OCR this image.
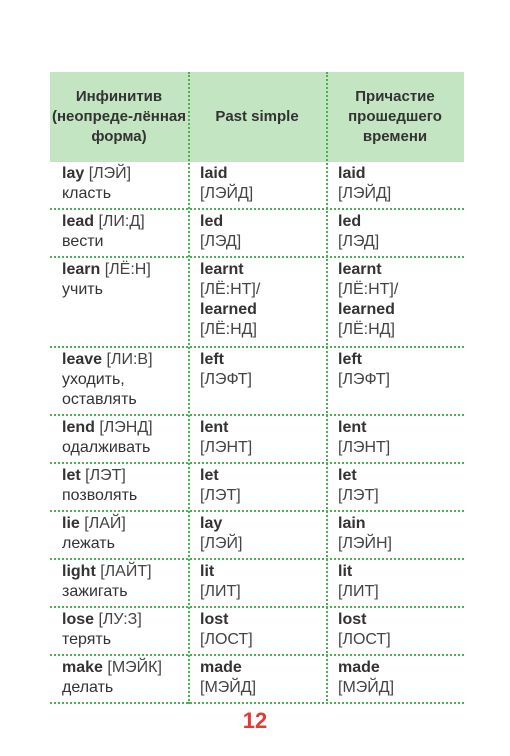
Инфинитив (неопреде-лённая форма)
Past simple
Причастие прошедшего времени
lay [ЛЭЙ]
класть
laid
[ЛЭЙД]
laid
[ЛЭЙД]
lead [ЛИ:Д]
вести
led
[ЛЭД]
led
[ЛЭД]
learn [ЛЁ:Н]
учить
learnt
[ЛЁ:НТ]/
learned
[ЛЁ:НД]
learnt
[ЛЁ:НТ]/
learned
[ЛЁ:НД]
leave [ЛИ:В]
уходить, оставлять
left
[ЛЭФТ]
left
[ЛЭФТ]
lend [ЛЭНД]
одалживать
lent
[ЛЭНТ]
lent
[ЛЭНТ]
let [ЛЭТ]
позволять
let
[ЛЭТ]
let
[ЛЭТ]
lie [ЛАЙ]
лежать
lay
[ЛЭЙ]
lain
[ЛЭЙН]
light [ЛАЙТ]
зажигать
lit
[ЛИТ]
lit
[ЛИТ]
lose [ЛУ:З]
терять
lost
[ЛОСТ]
lost
[ЛОСТ]
make [МЭЙК]
делать
made
[МЭЙД]
made
[МЭЙД]
12
